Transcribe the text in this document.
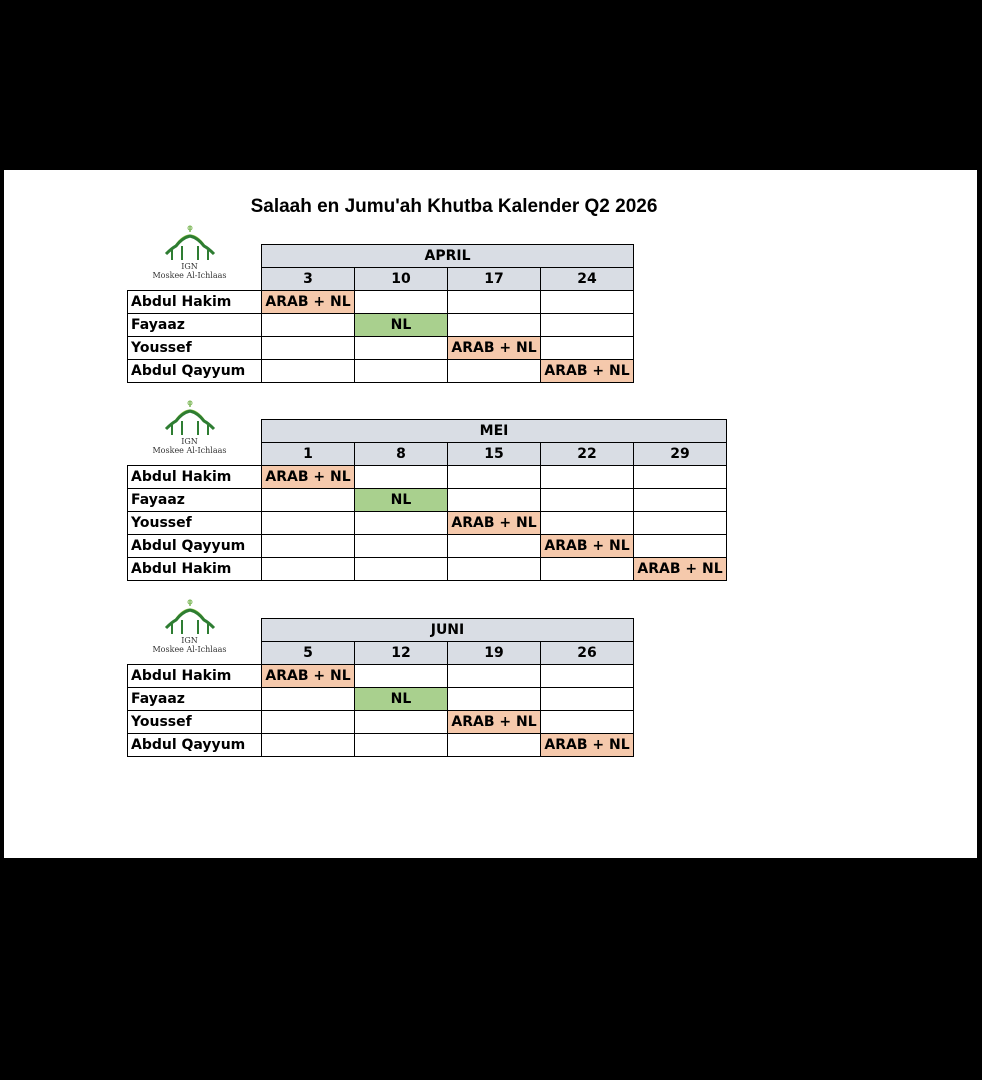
Salaah en Jumu'ah Khutba Kalender Q2 2026
IGN
Moskee Al-Ichlaas
	APRIL			
	3	10	17	24
Abdul Hakim	ARAB + NL			
Fayaaz		NL		
Youssef			ARAB + NL	
Abdul Qayyum				ARAB + NL
IGN
Moskee Al-Ichlaas
	MEI				
	1	8	15	22	29
Abdul Hakim	ARAB + NL				
Fayaaz		NL			
Youssef			ARAB + NL		
Abdul Qayyum				ARAB + NL	
Abdul Hakim					ARAB + NL
IGN
Moskee Al-Ichlaas
	JUNI			
	5	12	19	26
Abdul Hakim	ARAB + NL			
Fayaaz		NL		
Youssef			ARAB + NL	
Abdul Qayyum				ARAB + NL
